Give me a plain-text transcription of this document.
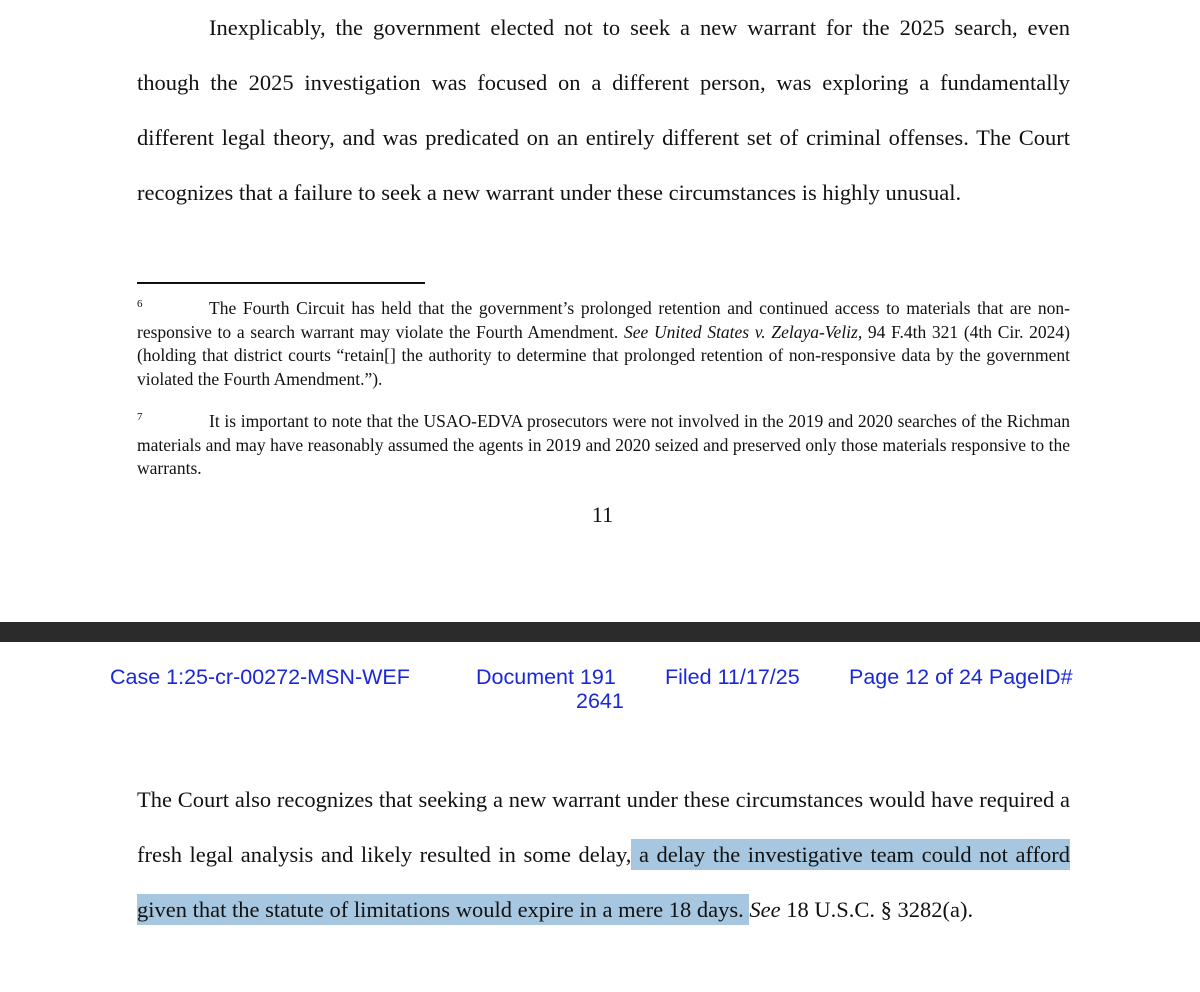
Inexplicably, the government elected not to seek a new warrant for the 2025 search, even though the 2025 investigation was focused on a different person, was exploring a fundamentally different legal theory, and was predicated on an entirely different set of criminal offenses. The Court recognizes that a failure to seek a new warrant under these circumstances is highly unusual.

6	The Fourth Circuit has held that the government’s prolonged retention and continued access to materials that are non-responsive to a search warrant may violate the Fourth Amendment. See United States v. Zelaya-Veliz, 94 F.4th 321 (4th Cir. 2024) (holding that district courts “retain[] the authority to determine that prolonged retention of non-responsive data by the government violated the Fourth Amendment.”).

7	It is important to note that the USAO-EDVA prosecutors were not involved in the 2019 and 2020 searches of the Richman materials and may have reasonably assumed the agents in 2019 and 2020 seized and preserved only those materials responsive to the warrants.

11
Case 1:25-cr-00272-MSN-WEF	Document 191 Filed 11/17/25 Page 12 of 24 PageID#
2641

The Court also recognizes that seeking a new warrant under these circumstances would have required a fresh legal analysis and likely resulted in some delay, a delay the investigative team could not afford given that the statute of limitations would expire in a mere 18 days. See 18 U.S.C. § 3282(a).
